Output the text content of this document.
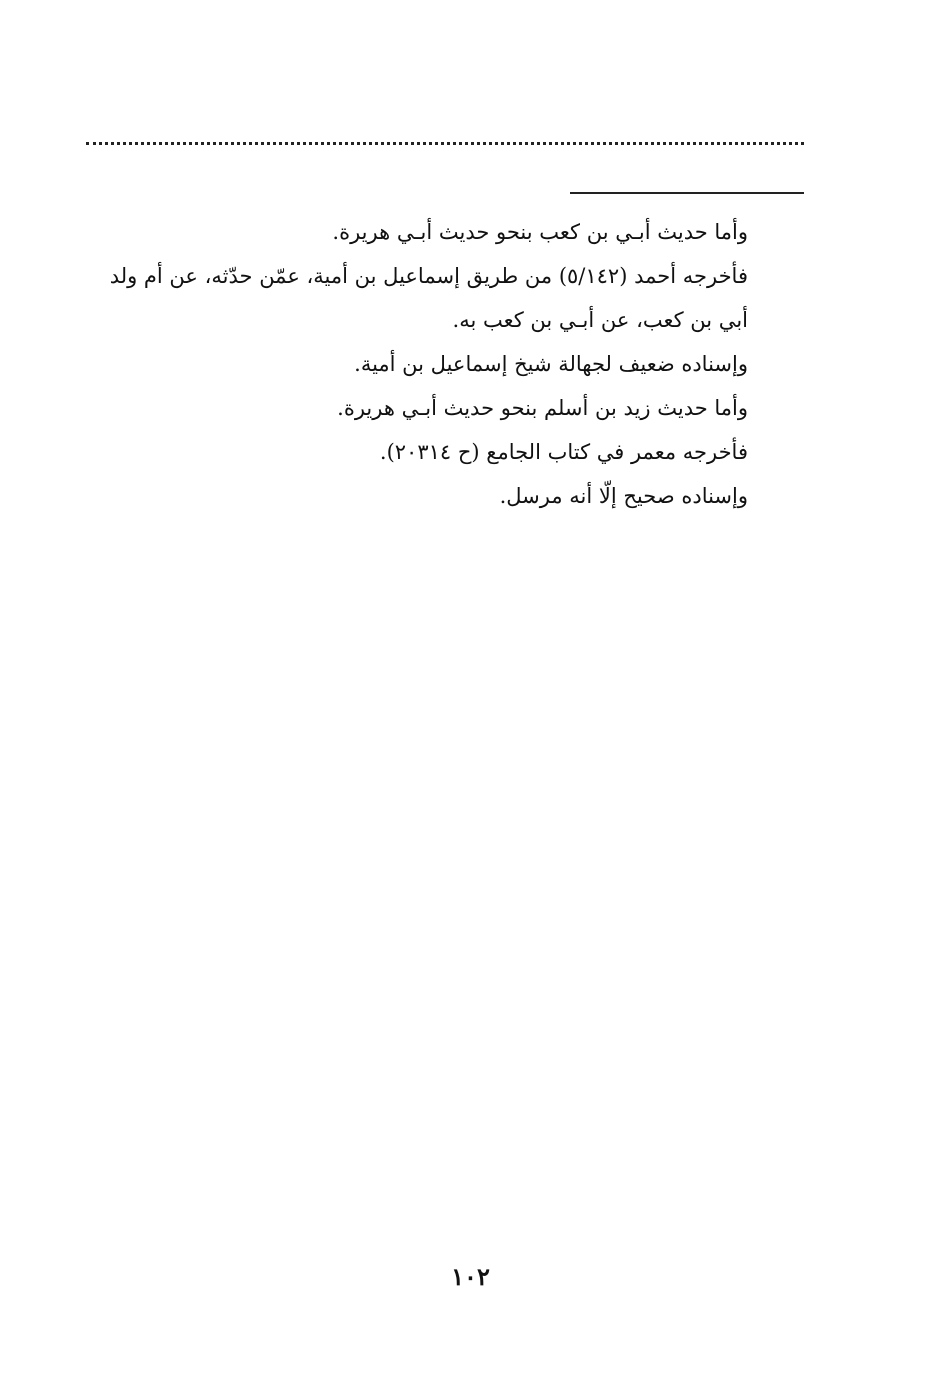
وأما حديث أبـي بن كعب بنحو حديث أبـي هريرة.

فأخرجه أحمد (٥/١٤٢) من طريق إسماعيل بن أمية، عمّن حدّثه، عن أم ولد أبي بن كعب، عن أبـي بن كعب به.

وإسناده ضعيف لجهالة شيخ إسماعيل بن أمية.

وأما حديث زيد بن أسلم بنحو حديث أبـي هريرة.

فأخرجه معمر في كتاب الجامع (ح ٢٠٣١٤).

وإسناده صحيح إلّا أنه مرسل.

١٠٢
